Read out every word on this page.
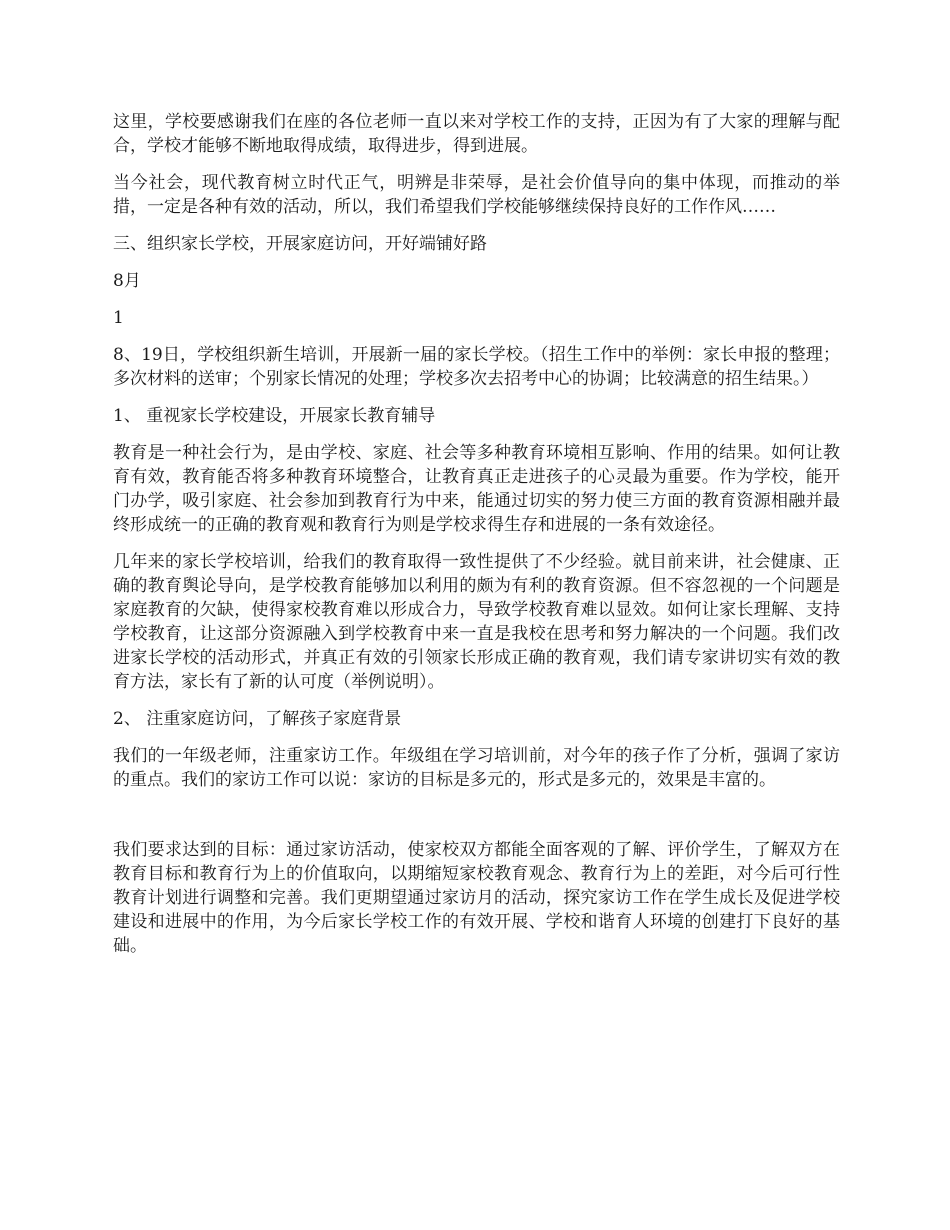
这里，学校要感谢我们在座的各位老师一直以来对学校工作的支持，正因为有了大家的理解与配合，学校才能够不断地取得成绩，取得进步，得到进展。

当今社会，现代教育树立时代正气，明辨是非荣辱，是社会价值导向的集中体现，而推动的举措，一定是各种有效的活动，所以，我们希望我们学校能够继续保持良好的工作作风……

三、组织家长学校，开展家庭访问，开好端铺好路

8月

1

8、19日，学校组织新生培训，开展新一届的家长学校。（招生工作中的举例：家长申报的整理；多次材料的送审；个别家长情况的处理；学校多次去招考中心的协调；比较满意的招生结果。）

1、 重视家长学校建设，开展家长教育辅导

教育是一种社会行为，是由学校、家庭、社会等多种教育环境相互影响、作用的结果。如何让教育有效，教育能否将多种教育环境整合，让教育真正走进孩子的心灵最为重要。作为学校，能开门办学，吸引家庭、社会参加到教育行为中来，能通过切实的努力使三方面的教育资源相融并最终形成统一的正确的教育观和教育行为则是学校求得生存和进展的一条有效途径。

几年来的家长学校培训，给我们的教育取得一致性提供了不少经验。就目前来讲，社会健康、正确的教育舆论导向，是学校教育能够加以利用的颇为有利的教育资源。但不容忽视的一个问题是家庭教育的欠缺，使得家校教育难以形成合力，导致学校教育难以显效。如何让家长理解、支持学校教育，让这部分资源融入到学校教育中来一直是我校在思考和努力解决的一个问题。我们改进家长学校的活动形式，并真正有效的引领家长形成正确的教育观，我们请专家讲切实有效的教育方法，家长有了新的认可度（举例说明）。

2、 注重家庭访问，了解孩子家庭背景

我们的一年级老师，注重家访工作。年级组在学习培训前，对今年的孩子作了分析，强调了家访的重点。我们的家访工作可以说：家访的目标是多元的，形式是多元的，效果是丰富的。

我们要求达到的目标：通过家访活动，使家校双方都能全面客观的了解、评价学生，了解双方在教育目标和教育行为上的价值取向，以期缩短家校教育观念、教育行为上的差距，对今后可行性教育计划进行调整和完善。我们更期望通过家访月的活动，探究家访工作在学生成长及促进学校建设和进展中的作用，为今后家长学校工作的有效开展、学校和谐育人环境的创建打下良好的基础。
